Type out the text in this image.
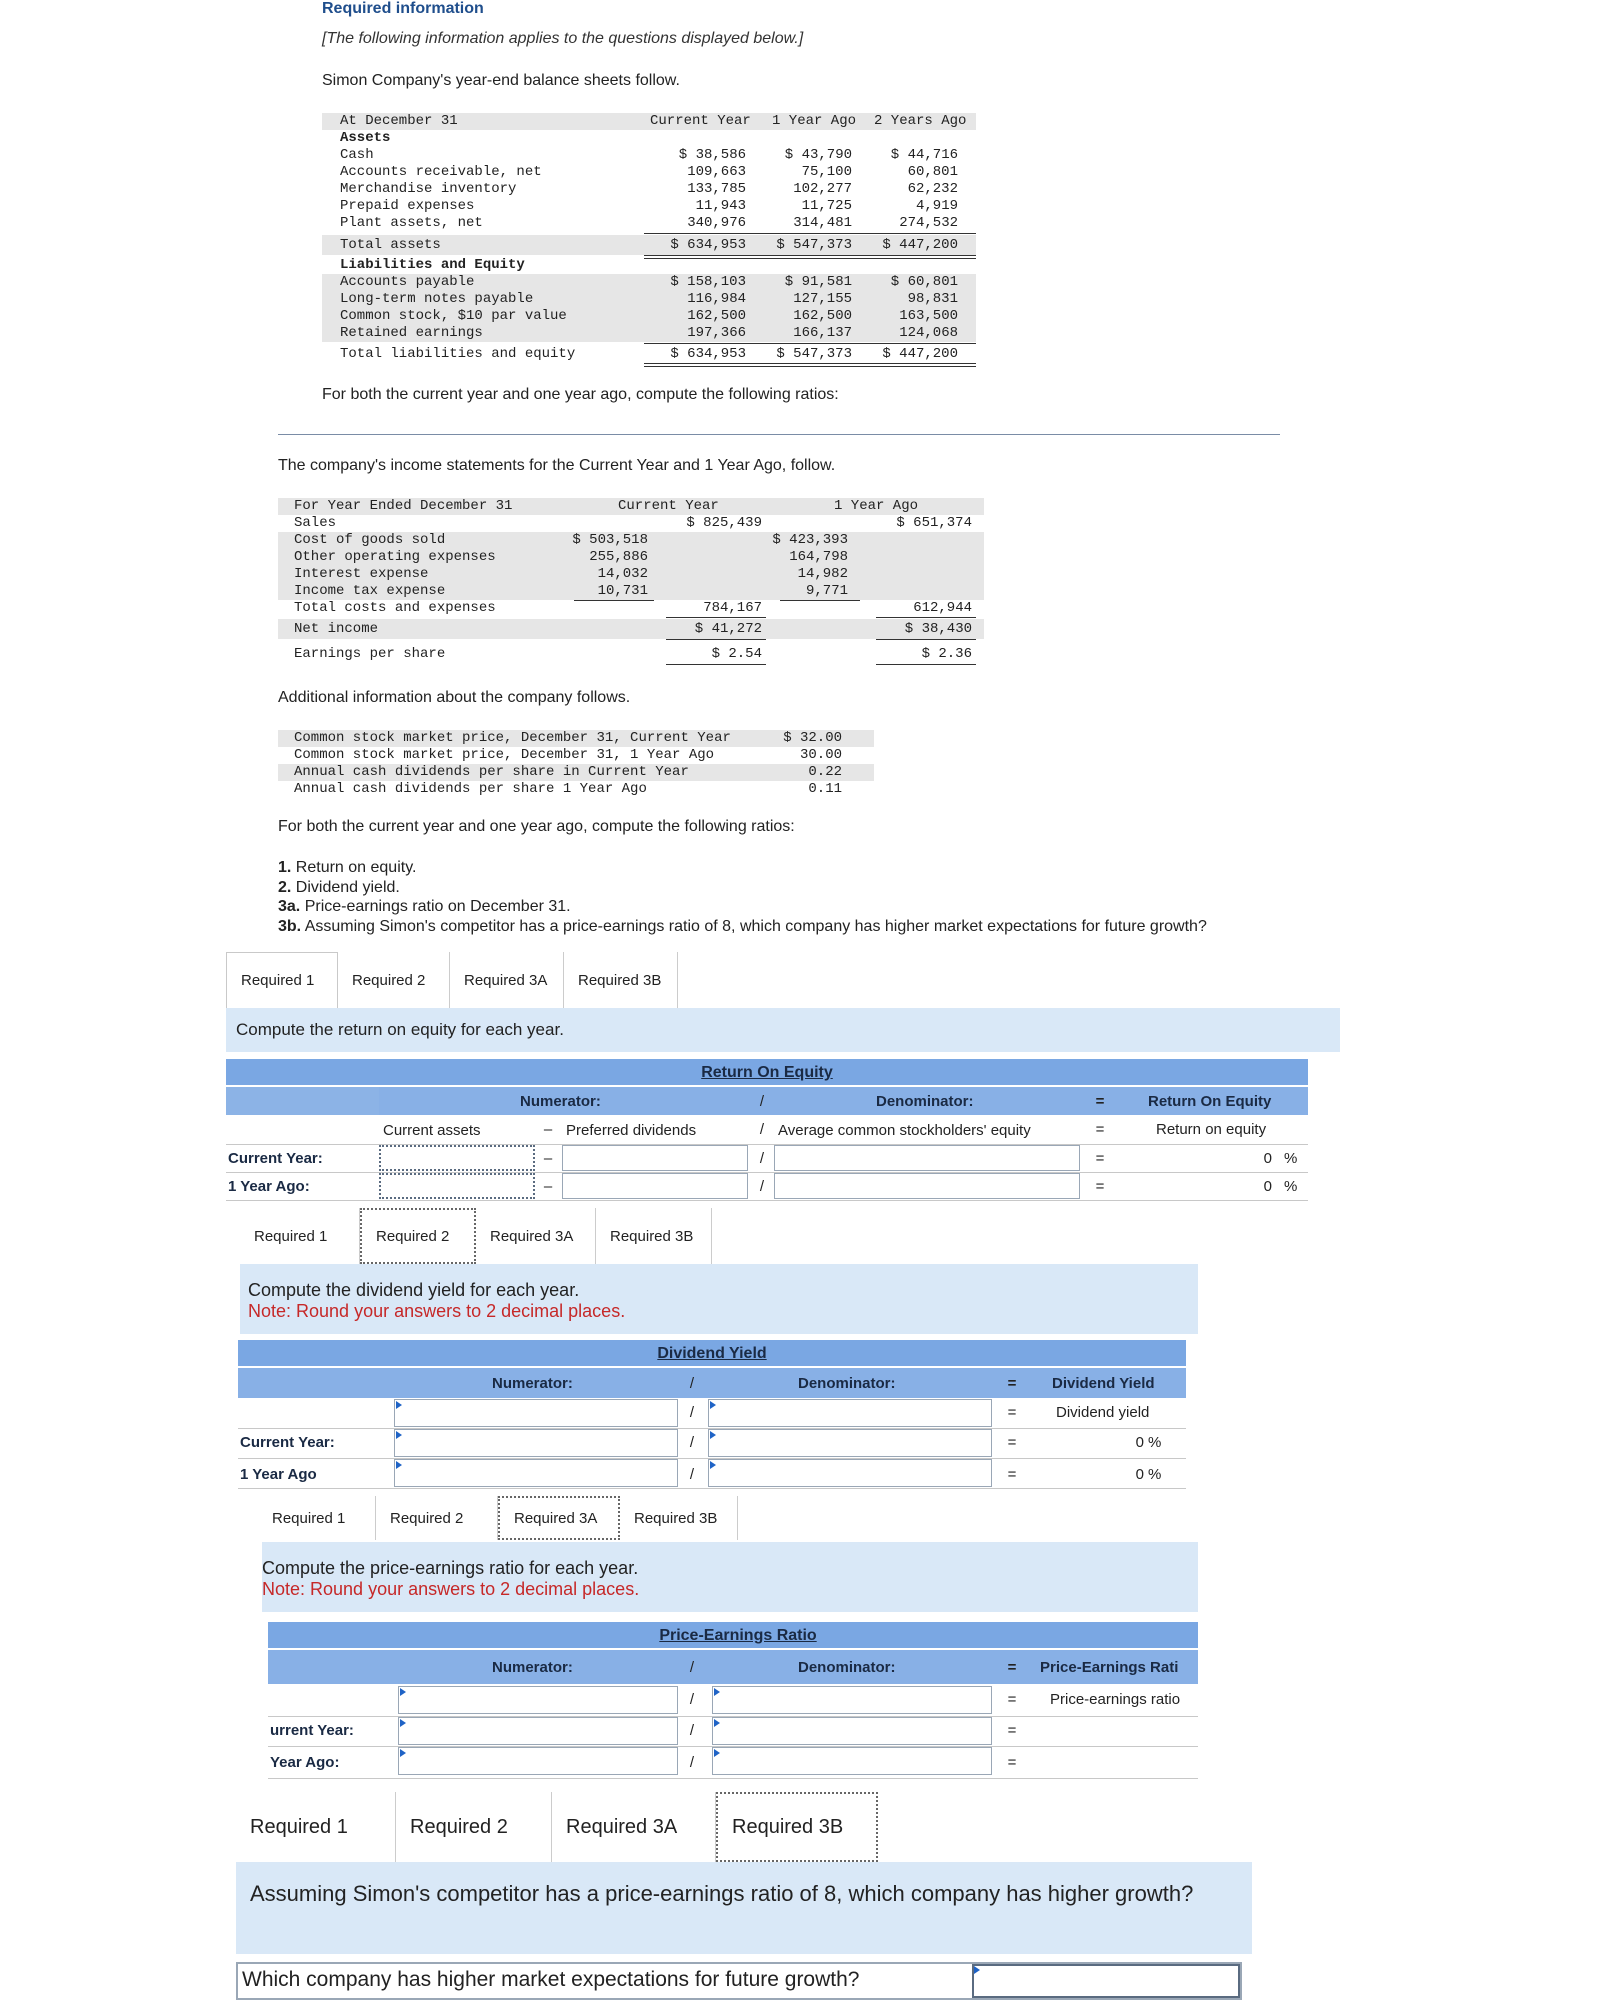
Required information
[The following information applies to the questions displayed below.]
Simon Company's year-end balance sheets follow.
At December 31	Current Year 1 Year Ago 2 Years Ago
Assets
Cash	$ 38,586	$ 43,790	$ 44,716
Accounts receivable, net	109,663	75,100	60,801
Merchandise inventory	133,785	102,277	62,232
Prepaid expenses	11,943	11,725	4,919
Plant assets, net	340,976	314,481	274,532
Total assets	$ 634,953	$ 547,373	$ 447,200
Liabilities and Equity
Accounts payable	$ 158,103	$ 91,581	$ 60,801
Long-term notes payable	116,984	127,155	98,831
Common stock, $10 par value	162,500	162,500	163,500
Retained earnings	197,366	166,137	124,068
Total liabilities and equity	$ 634,953	$ 547,373	$ 447,200
For both the current year and one year ago, compute the following ratios:
The company's income statements for the Current Year and 1 Year Ago, follow.
For Year Ended December 31	Current Year	1 Year Ago
Sales	$ 825,439	$ 651,374
Cost of goods sold	$ 503,518	$ 423,393
Other operating expenses	255,886	164,798
Interest expense	14,032	14,982
Income tax expense	10,731	9,771
Total costs and expenses	784,167	612,944
Net income	$ 41,272	$ 38,430
Earnings per share	$ 2.54	$ 2.36
Additional information about the company follows.
Common stock market price, December 31, Current Year	$ 32.00
Common stock market price, December 31, 1 Year Ago	30.00
Annual cash dividends per share in Current Year	0.22
Annual cash dividends per share 1 Year Ago	0.11
For both the current year and one year ago, compute the following ratios:
1. Return on equity.
2. Dividend yield.
3a. Price-earnings ratio on December 31.
3b. Assuming Simon's competitor has a price-earnings ratio of 8, which company has higher market expectations for future growth?
Required 1	Required 2	Required 3A	Required 3B
Compute the return on equity for each year.
Return On Equity
Numerator:	/	Denominator:	=	Return On Equity
Current assets	– Preferred dividends	/ Average common stockholders' equity	=	Return on equity
Current Year:	–	/	=	0 %
1 Year Ago:	–	/	=	0 %
Required 1	Required 2	Required 3A	Required 3B
Compute the dividend yield for each year.
Note: Round your answers to 2 decimal places.
Dividend Yield
Numerator:	/	Denominator:	=	Dividend Yield
/	=	Dividend yield
Current Year:	/	=	0 %
1 Year Ago	/	=	0 %
Required 1	Required 2	Required 3A	Required 3B
Compute the price-earnings ratio for each year.
Note: Round your answers to 2 decimal places.
Price-Earnings Ratio
Numerator:	/	Denominator:	=	Price-Earnings Rati
/	=	Price-earnings ratio
urrent Year:	/	=
Year Ago:	/	=
Required 1	Required 2	Required 3A	Required 3B
Assuming Simon's competitor has a price-earnings ratio of 8, which company has higher growth?
Which company has higher market expectations for future growth?
